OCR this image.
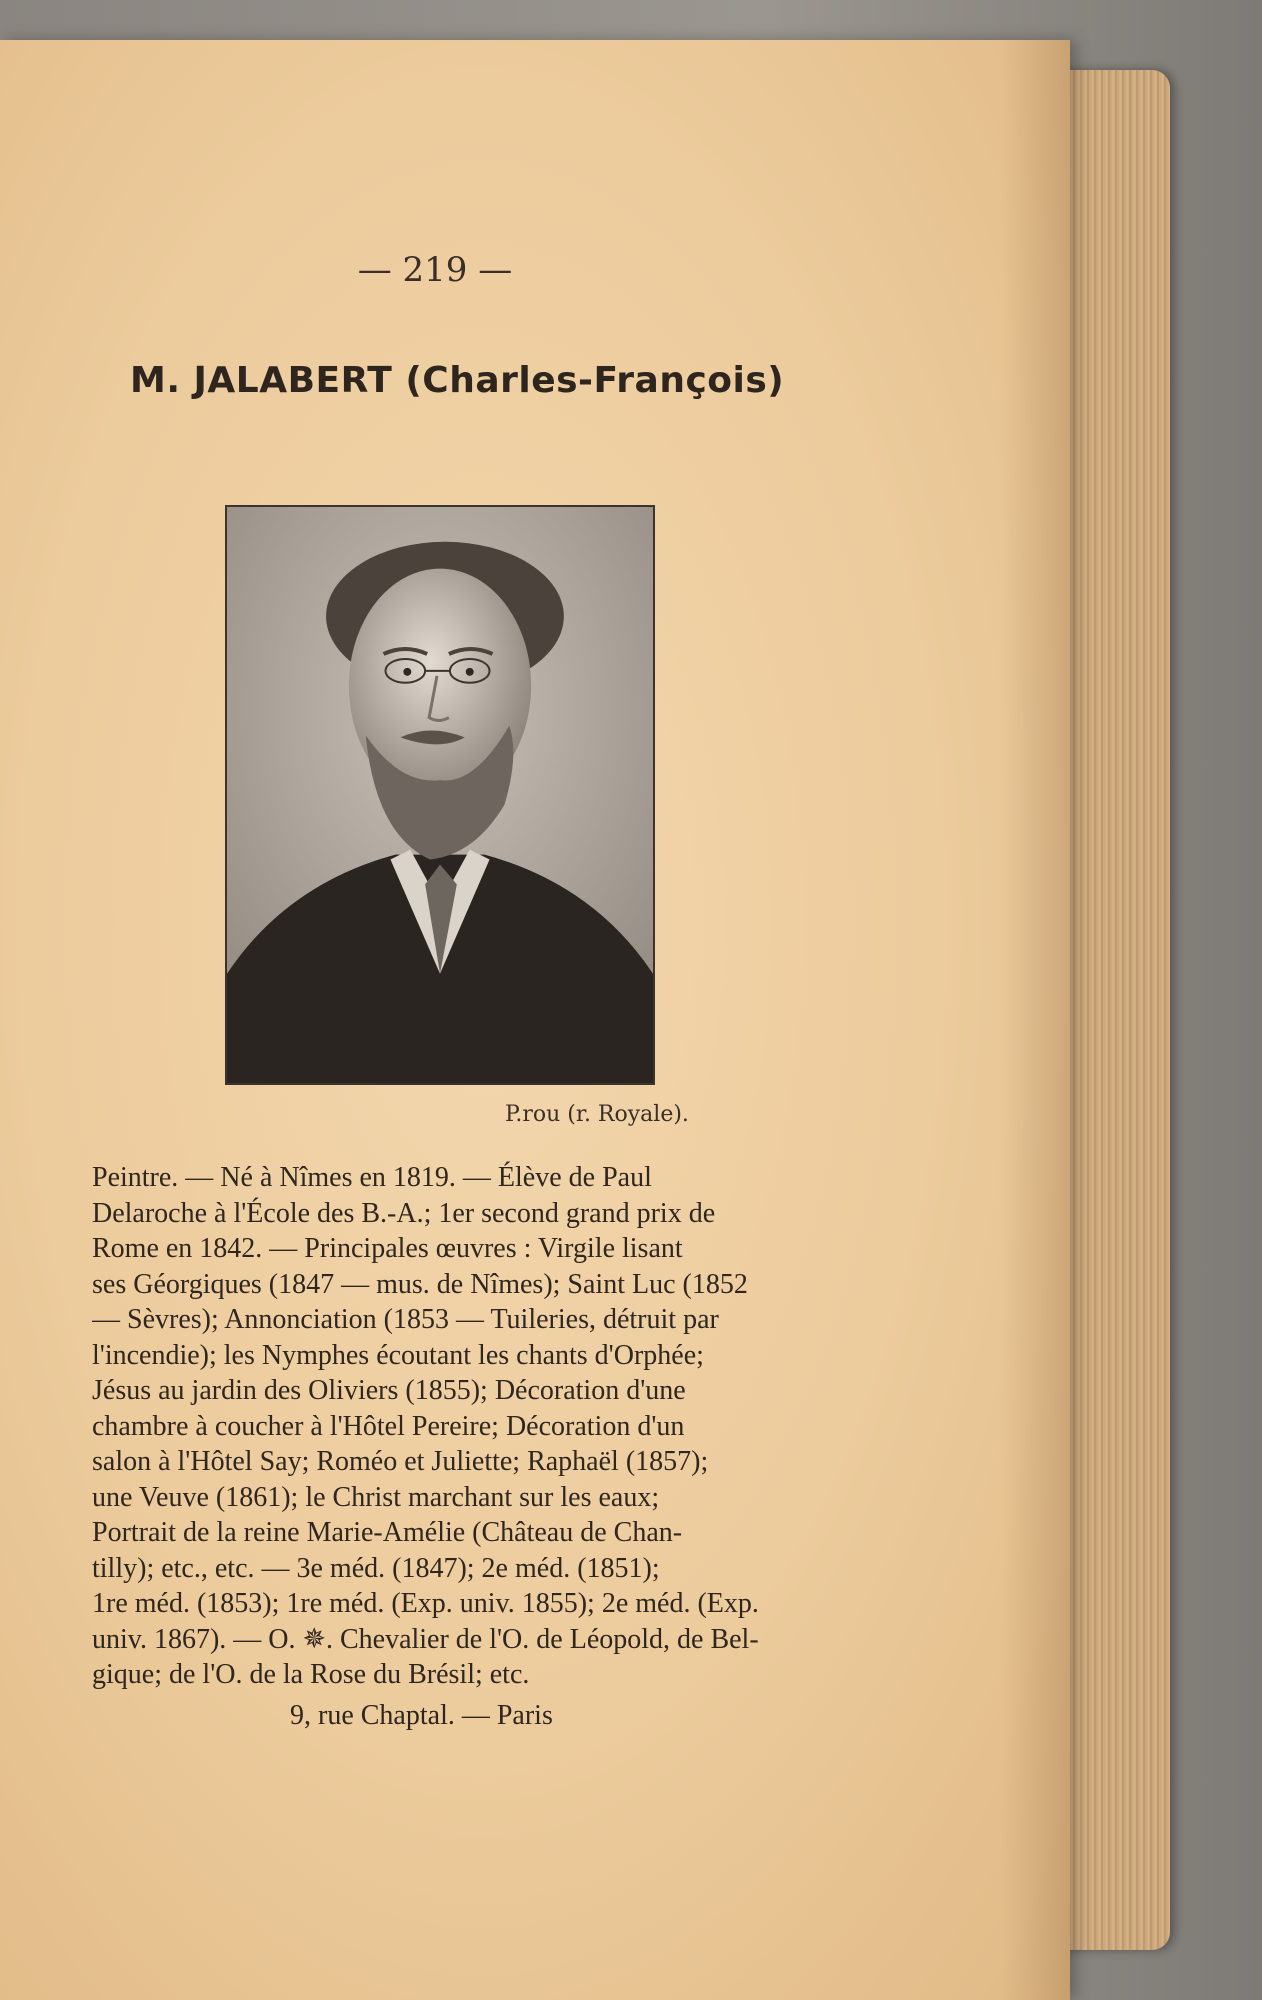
— 219 —
M. JALABERT (Charles-François)
P.rou (r. Royale).
Peintre. — Né à Nîmes en 1819. — Élève de Paul
Delaroche à l'École des B.-A.; 1er second grand prix de
Rome en 1842. — Principales œuvres : Virgile lisant
ses Géorgiques (1847 — mus. de Nîmes); Saint Luc (1852
— Sèvres); Annonciation (1853 — Tuileries, détruit par
l'incendie); les Nymphes écoutant les chants d'Orphée;
Jésus au jardin des Oliviers (1855); Décoration d'une
chambre à coucher à l'Hôtel Pereire; Décoration d'un
salon à l'Hôtel Say; Roméo et Juliette; Raphaël (1857);
une Veuve (1861); le Christ marchant sur les eaux;
Portrait de la reine Marie-Amélie (Château de Chan-
tilly); etc., etc. — 3e méd. (1847); 2e méd. (1851);
1re méd. (1853); 1re méd. (Exp. univ. 1855); 2e méd. (Exp.
univ. 1867). — O. ✵. Chevalier de l'O. de Léopold, de Bel-
gique; de l'O. de la Rose du Brésil; etc.
9, rue Chaptal. — Paris
